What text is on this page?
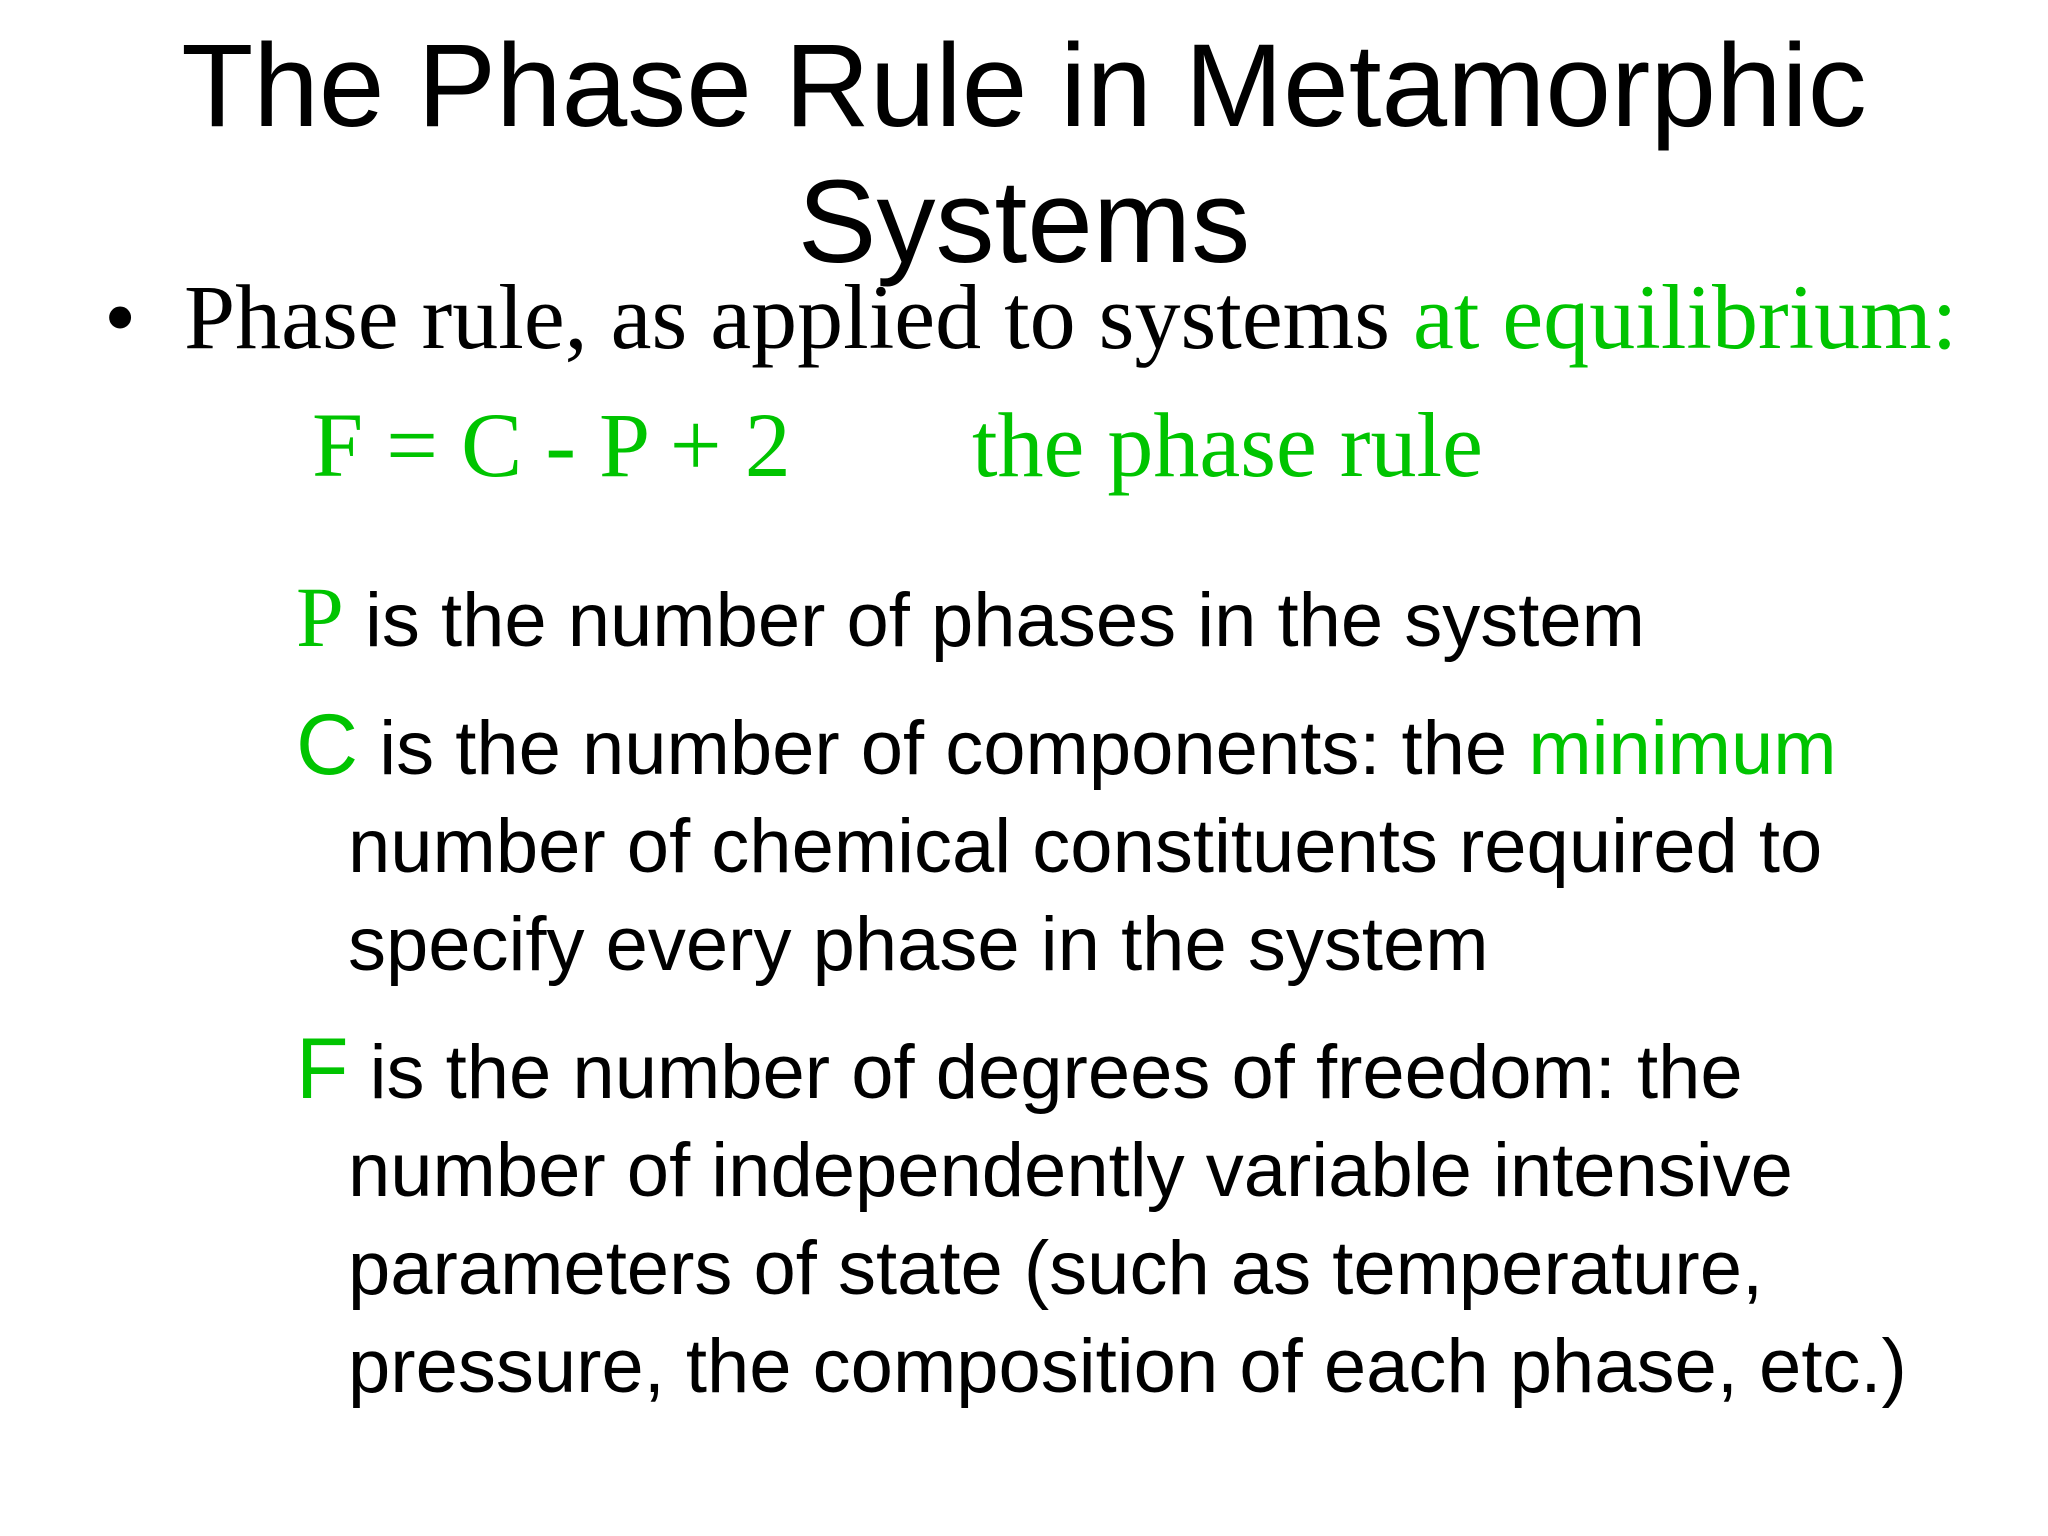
The Phase Rule in Metamorphic
Systems
• Phase rule, as applied to systems at equilibrium:
F = C - P + 2 the phase rule

P is the number of phases in the system

C is the number of components: the minimum number of chemical constituents required to specify every phase in the system

F is the number of degrees of freedom: the number of independently variable intensive parameters of state (such as temperature, pressure, the composition of each phase, etc.)
